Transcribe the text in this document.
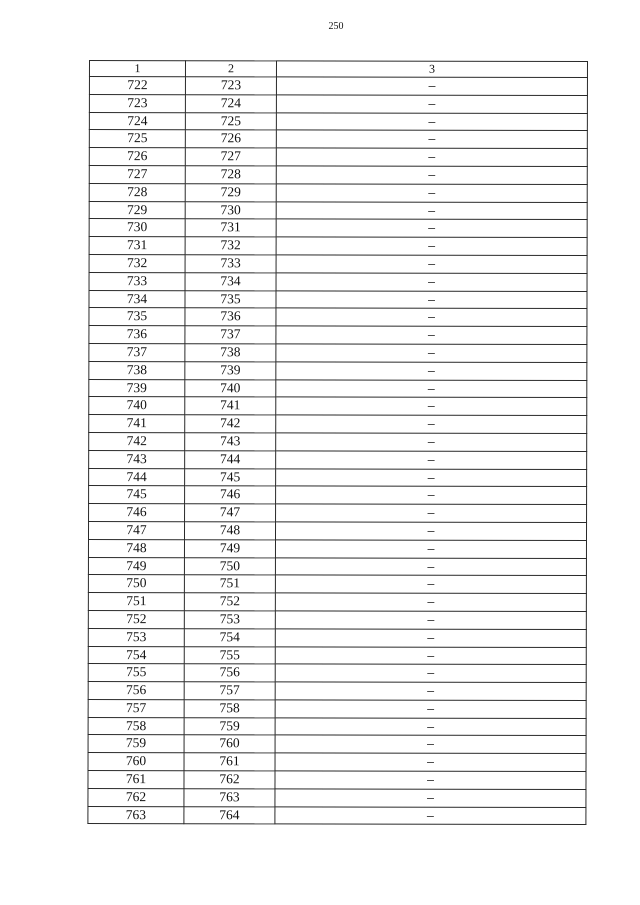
250
1	2	3
722	723	–
723	724	–
724	725	–
725	726	–
726	727	–
727	728	–
728	729	–
729	730	–
730	731	–
731	732	–
732	733	–
733	734	–
734	735	–
735	736	–
736	737	–
737	738	–
738	739	–
739	740	–
740	741	–
741	742	–
742	743	–
743	744	–
744	745	–
745	746	–
746	747	–
747	748	–
748	749	–
749	750	–
750	751	–
751	752	–
752	753	–
753	754	–
754	755	–
755	756	–
756	757	–
757	758	–
758	759	–
759	760	–
760	761	–
761	762	–
762	763	–
763	764	–
